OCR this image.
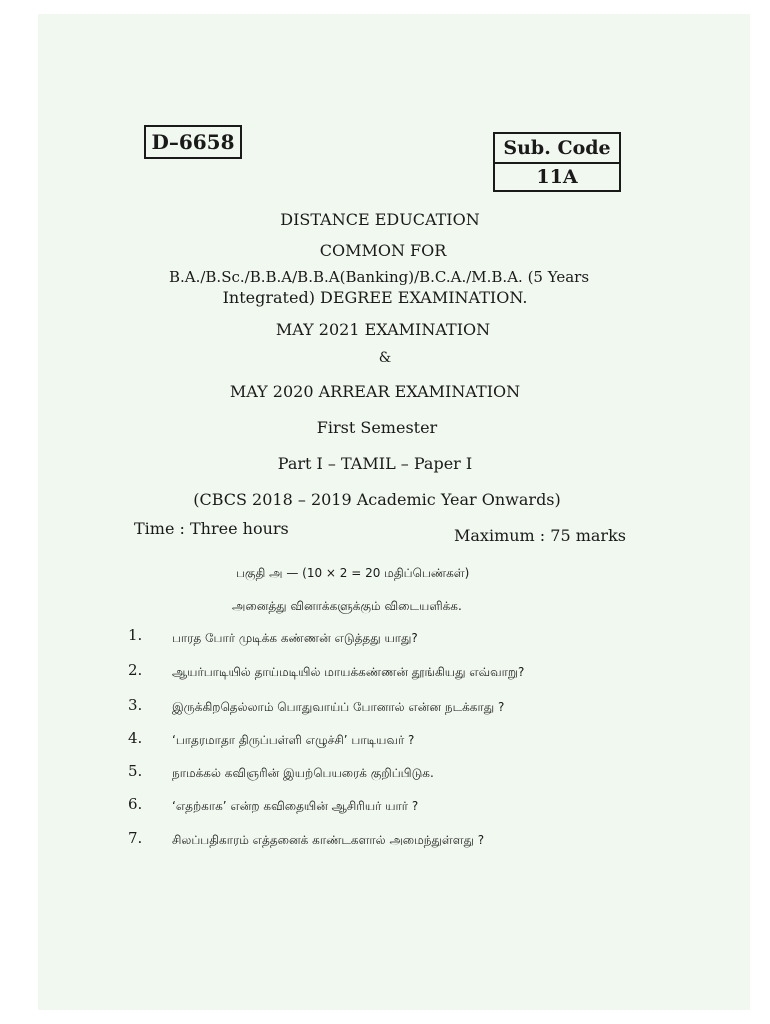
D–6658	Sub. Code
11A
DISTANCE EDUCATION
COMMON FOR
B.A./B.Sc./B.B.A/B.B.A(Banking)/B.C.A./M.B.A. (5 Years
Integrated) DEGREE EXAMINATION.
MAY 2021 EXAMINATION
&
MAY 2020 ARREAR EXAMINATION
First Semester
Part I – TAMIL – Paper I
(CBCS 2018 – 2019 Academic Year Onwards)
Time : Three hours	Maximum : 75 marks
பகுதி அ — (10 × 2 = 20 மதிப்பெண்கள்)
அனைத்து வினாக்களுக்கும் விடையளிக்க.
1.	பாரத போர் முடிக்க கண்ணன் எடுத்தது யாது?
2.	ஆயர்பாடியில் தாய்மடியில் மாயக்கண்ணன் தூங்கியது எவ்வாறு?
3.	இருக்கிறதெல்லாம் பொதுவாய்ப் போனால் என்ன நடக்காது ?
4.	‘பாதரமாதா திருப்பள்ளி எழுச்சி’ பாடியவர் ?
5.	நாமக்கல் கவிஞரின் இயற்பெயரைக் குறிப்பிடுக.
6.	‘எதற்காக’ என்ற கவிதையின் ஆசிரியர் யார் ?
7.	சிலப்பதிகாரம் எத்தனைக் காண்டகளால் அமைந்துள்ளது ?
